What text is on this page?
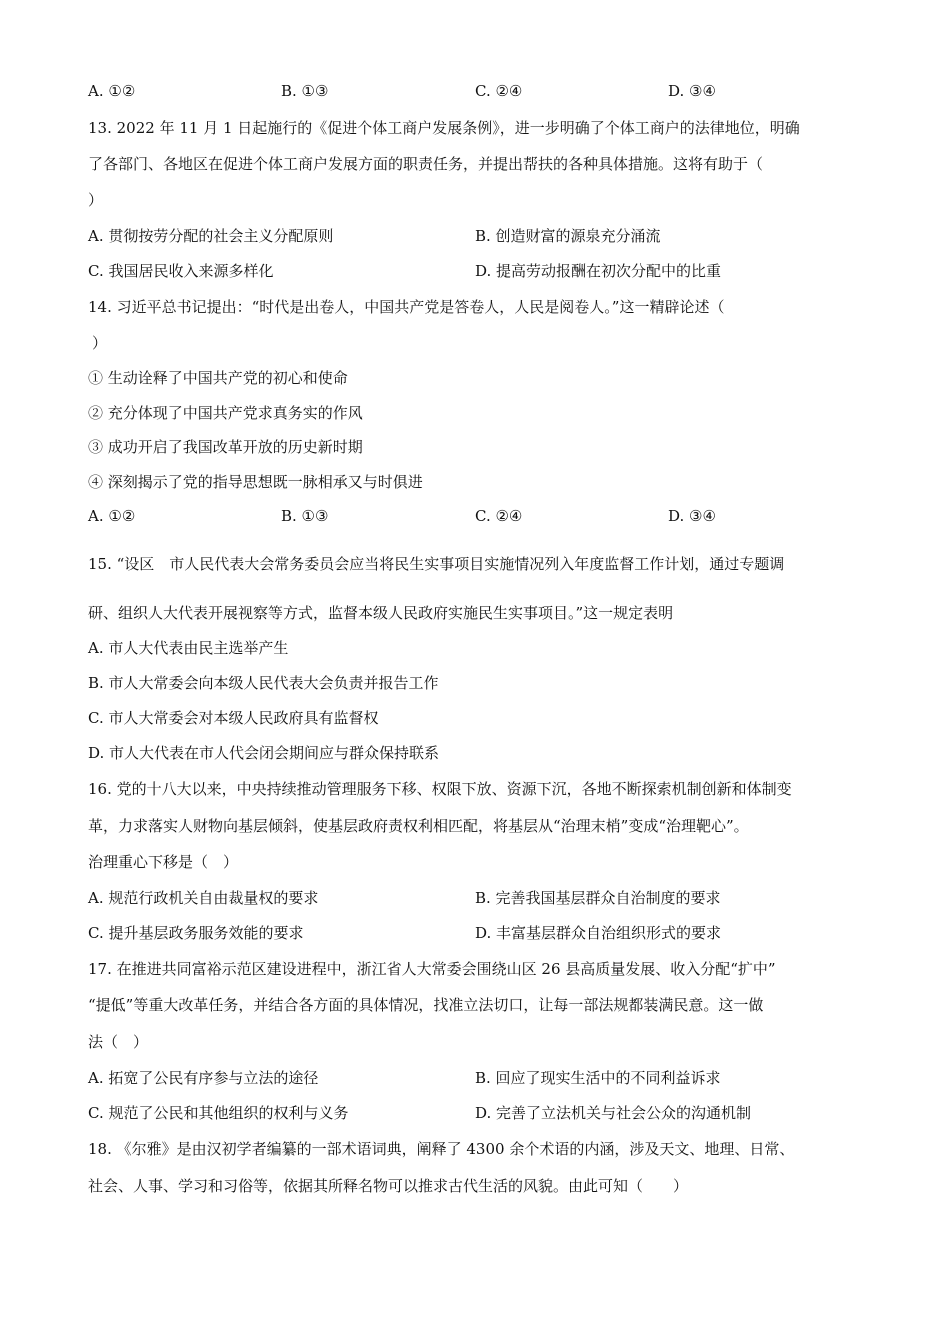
A. ①②	B. ①③	C. ②④	D. ③④
13. 2022 年 11 月 1 日起施行的《促进个体工商户发展条例》，进一步明确了个体工商户的法律地位，明确
了各部门、各地区在促进个体工商户发展方面的职责任务，并提出帮扶的各种具体措施。这将有助于（
）
A. 贯彻按劳分配的社会主义分配原则	B. 创造财富的源泉充分涌流
C. 我国居民收入来源多样化	D. 提高劳动报酬在初次分配中的比重
14. 习近平总书记提出：“时代是出卷人，中国共产党是答卷人，人民是阅卷人。”这一精辟论述（
）
① 生动诠释了中国共产党的初心和使命
② 充分体现了中国共产党求真务实的作风
③ 成功开启了我国改革开放的历史新时期
④ 深刻揭示了党的指导思想既一脉相承又与时俱进
A. ①②	B. ①③	C. ②④	D. ③④
15. “设区　市人民代表大会常务委员会应当将民生实事项目实施情况列入年度监督工作计划，通过专题调
研、组织人大代表开展视察等方式，监督本级人民政府实施民生实事项目。”这一规定表明
A. 市人大代表由民主选举产生
B. 市人大常委会向本级人民代表大会负责并报告工作
C. 市人大常委会对本级人民政府具有监督权
D. 市人大代表在市人代会闭会期间应与群众保持联系
16. 党的十八大以来，中央持续推动管理服务下移、权限下放、资源下沉，各地不断探索机制创新和体制变
革，力求落实人财物向基层倾斜，使基层政府责权利相匹配，将基层从“治理末梢”变成“治理靶心”。
治理重心下移是（　）
A. 规范行政机关自由裁量权的要求	B. 完善我国基层群众自治制度的要求
C. 提升基层政务服务效能的要求	D. 丰富基层群众自治组织形式的要求
17. 在推进共同富裕示范区建设进程中，浙江省人大常委会围绕山区 26 县高质量发展、收入分配“扩中”
“提低”等重大改革任务，并结合各方面的具体情况，找准立法切口，让每一部法规都装满民意。这一做
法（　）
A. 拓宽了公民有序参与立法的途径	B. 回应了现实生活中的不同利益诉求
C. 规范了公民和其他组织的权利与义务	D. 完善了立法机关与社会公众的沟通机制
18. 《尔雅》是由汉初学者编纂的一部术语词典，阐释了 4300 余个术语的内涵，涉及天文、地理、日常、
社会、人事、学习和习俗等，依据其所释名物可以推求古代生活的风貌。由此可知（　　）
